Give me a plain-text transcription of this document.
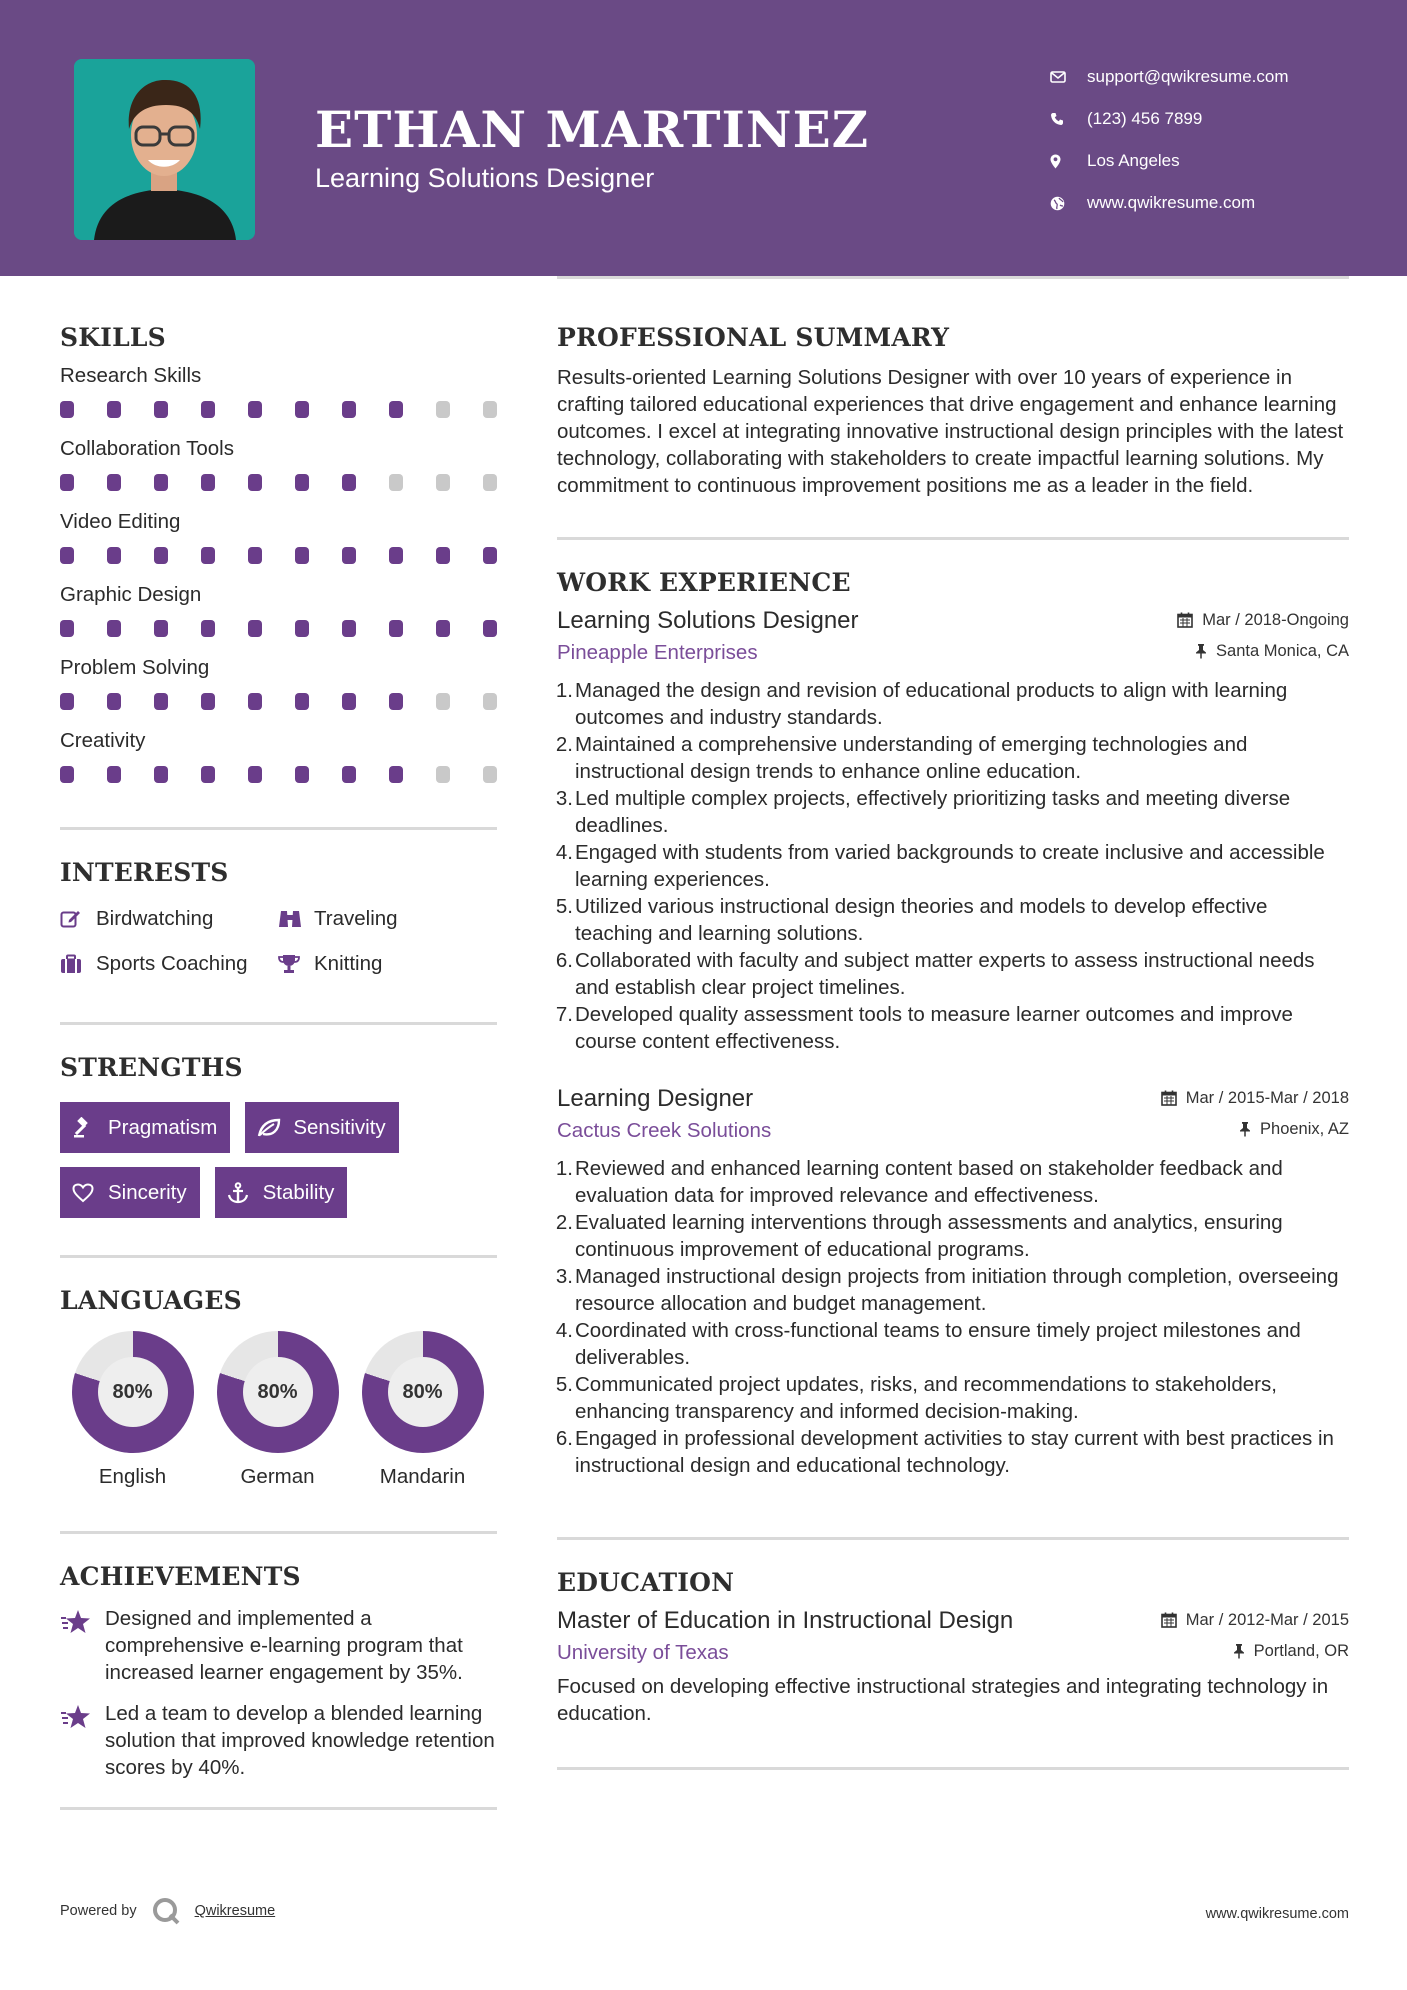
ETHAN MARTINEZ
Learning Solutions Designer
support@qwikresume.com
(123) 456 7899
Los Angeles
www.qwikresume.com
SKILLS
Research Skills
Collaboration Tools
Video Editing
Graphic Design
Problem Solving
Creativity
INTERESTS
Birdwatching	Traveling
Sports Coaching	Knitting
STRENGTHS
Pragmatism	Sensitivity
Sincerity	Stability
LANGUAGES
80%
English
80%
German
80%
Mandarin
ACHIEVEMENTS
Designed and implemented a comprehensive e-learning program that increased learner engagement by 35%.
Led a team to develop a blended learning solution that improved knowledge retention scores by 40%.
PROFESSIONAL SUMMARY
Results-oriented Learning Solutions Designer with over 10 years of experience in crafting tailored educational experiences that drive engagement and enhance learning outcomes. I excel at integrating innovative instructional design principles with the latest technology, collaborating with stakeholders to create impactful learning solutions. My commitment to continuous improvement positions me as a leader in the field.
WORK EXPERIENCE
Learning Solutions Designer	Mar / 2018-Ongoing
Pineapple Enterprises	Santa Monica, CA
1. Managed the design and revision of educational products to align with learning outcomes and industry standards.
2. Maintained a comprehensive understanding of emerging technologies and instructional design trends to enhance online education.
3. Led multiple complex projects, effectively prioritizing tasks and meeting diverse deadlines.
4. Engaged with students from varied backgrounds to create inclusive and accessible learning experiences.
5. Utilized various instructional design theories and models to develop effective teaching and learning solutions.
6. Collaborated with faculty and subject matter experts to assess instructional needs and establish clear project timelines.
7. Developed quality assessment tools to measure learner outcomes and improve course content effectiveness.
Learning Designer	Mar / 2015-Mar / 2018
Cactus Creek Solutions	Phoenix, AZ
1. Reviewed and enhanced learning content based on stakeholder feedback and evaluation data for improved relevance and effectiveness.
2. Evaluated learning interventions through assessments and analytics, ensuring continuous improvement of educational programs.
3. Managed instructional design projects from initiation through completion, overseeing resource allocation and budget management.
4. Coordinated with cross-functional teams to ensure timely project milestones and deliverables.
5. Communicated project updates, risks, and recommendations to stakeholders, enhancing transparency and informed decision-making.
6. Engaged in professional development activities to stay current with best practices in instructional design and educational technology.
EDUCATION
Master of Education in Instructional Design	Mar / 2012-Mar / 2015
University of Texas	Portland, OR
Focused on developing effective instructional strategies and integrating technology in education.
Powered by	Qwikresume	www.qwikresume.com
